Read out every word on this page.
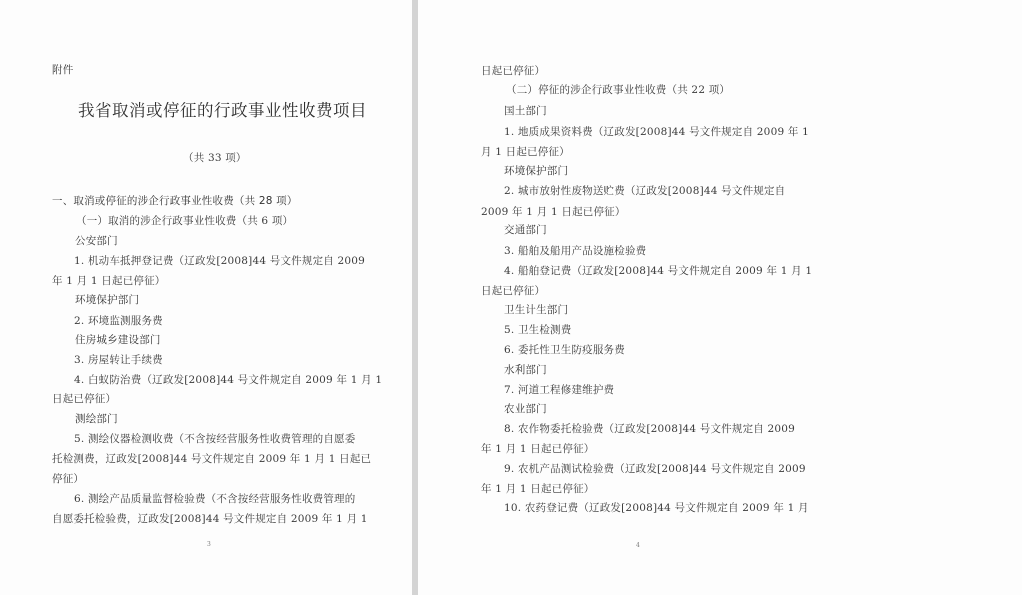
附件
我省取消或停征的行政事业性收费项目
（共 33 项）
一、取消或停征的涉企行政事业性收费（共 28 项）
（一）取消的涉企行政事业性收费（共 6 项）
公安部门
1. 机动车抵押登记费（辽政发[2008]44 号文件规定自 2009
年 1 月 1 日起已停征）
环境保护部门
2. 环境监测服务费
住房城乡建设部门
3. 房屋转让手续费
4. 白蚁防治费（辽政发[2008]44 号文件规定自 2009 年 1 月 1
日起已停征）
测绘部门
5. 测绘仪器检测收费（不含按经营服务性收费管理的自愿委
托检测费，辽政发[2008]44 号文件规定自 2009 年 1 月 1 日起已
停征）
6. 测绘产品质量监督检验费（不含按经营服务性收费管理的
自愿委托检验费，辽政发[2008]44 号文件规定自 2009 年 1 月 1
3
日起已停征）
（二）停征的涉企行政事业性收费（共 22 项）
国土部门
1. 地质成果资料费（辽政发[2008]44 号文件规定自 2009 年 1
月 1 日起已停征）
环境保护部门
2. 城市放射性废物送贮费（辽政发[2008]44 号文件规定自
2009 年 1 月 1 日起已停征）
交通部门
3. 船舶及船用产品设施检验费
4. 船舶登记费（辽政发[2008]44 号文件规定自 2009 年 1 月 1
日起已停征）
卫生计生部门
5. 卫生检测费
6. 委托性卫生防疫服务费
水利部门
7. 河道工程修建维护费
农业部门
8. 农作物委托检验费（辽政发[2008]44 号文件规定自 2009
年 1 月 1 日起已停征）
9. 农机产品测试检验费（辽政发[2008]44 号文件规定自 2009
年 1 月 1 日起已停征）
10. 农药登记费（辽政发[2008]44 号文件规定自 2009 年 1 月
4
